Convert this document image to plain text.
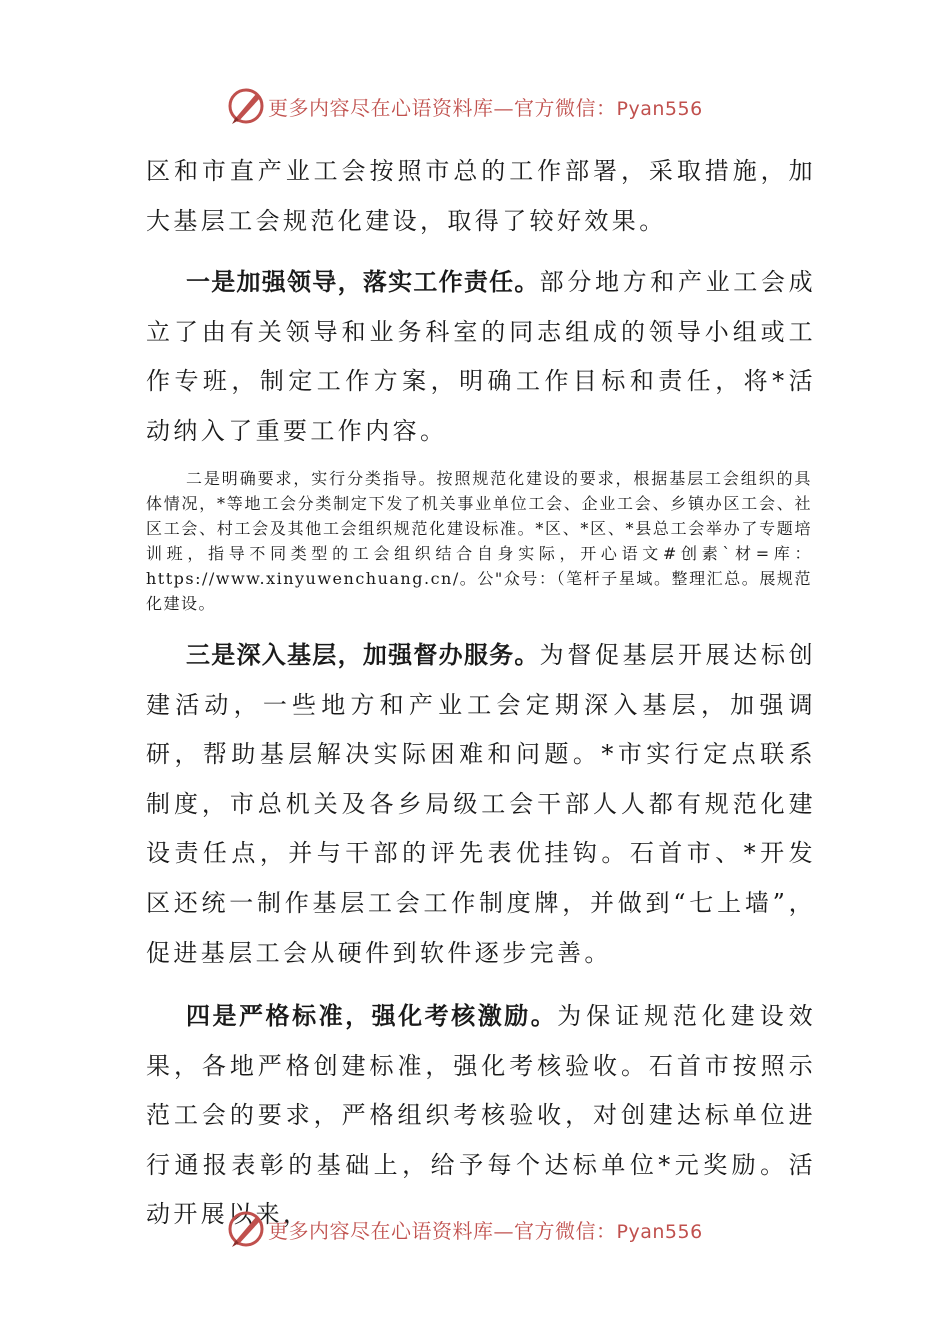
更多内容尽在心语资料库—官方微信：Pyan556

区和市直产业工会按照市总的工作部署，采取措施，加大基层工会规范化建设，取得了较好效果。

一是加强领导，落实工作责任。部分地方和产业工会成立了由有关领导和业务科室的同志组成的领导小组或工作专班，制定工作方案，明确工作目标和责任，将*活动纳入了重要工作内容。

二是明确要求，实行分类指导。按照规范化建设的要求，根据基层工会组织的具体情况，*等地工会分类制定下发了机关事业单位工会、企业工会、乡镇办区工会、社区工会、村工会及其他工会组织规范化建设标准。*区、*区、*县总工会举办了专题培训班，指导不同类型的工会组织结合自身实际，开心语文#创素`材=库：https://www.xinyuwenchuang.cn/。公"众号：（笔杆子星域。整理汇总。展规范化建设。

三是深入基层，加强督办服务。为督促基层开展达标创建活动，一些地方和产业工会定期深入基层，加强调研，帮助基层解决实际困难和问题。*市实行定点联系制度，市总机关及各乡局级工会干部人人都有规范化建设责任点，并与干部的评先表优挂钩。石首市、*开发区还统一制作基层工会工作制度牌，并做到“七上墙”，促进基层工会从硬件到软件逐步完善。

四是严格标准，强化考核激励。为保证规范化建设效果，各地严格创建标准，强化考核验收。石首市按照示范工会的要求，严格组织考核验收，对创建达标单位进行通报表彰的基础上，给予每个达标单位*元奖励。活动开展以来，

更多内容尽在心语资料库—官方微信：Pyan556
